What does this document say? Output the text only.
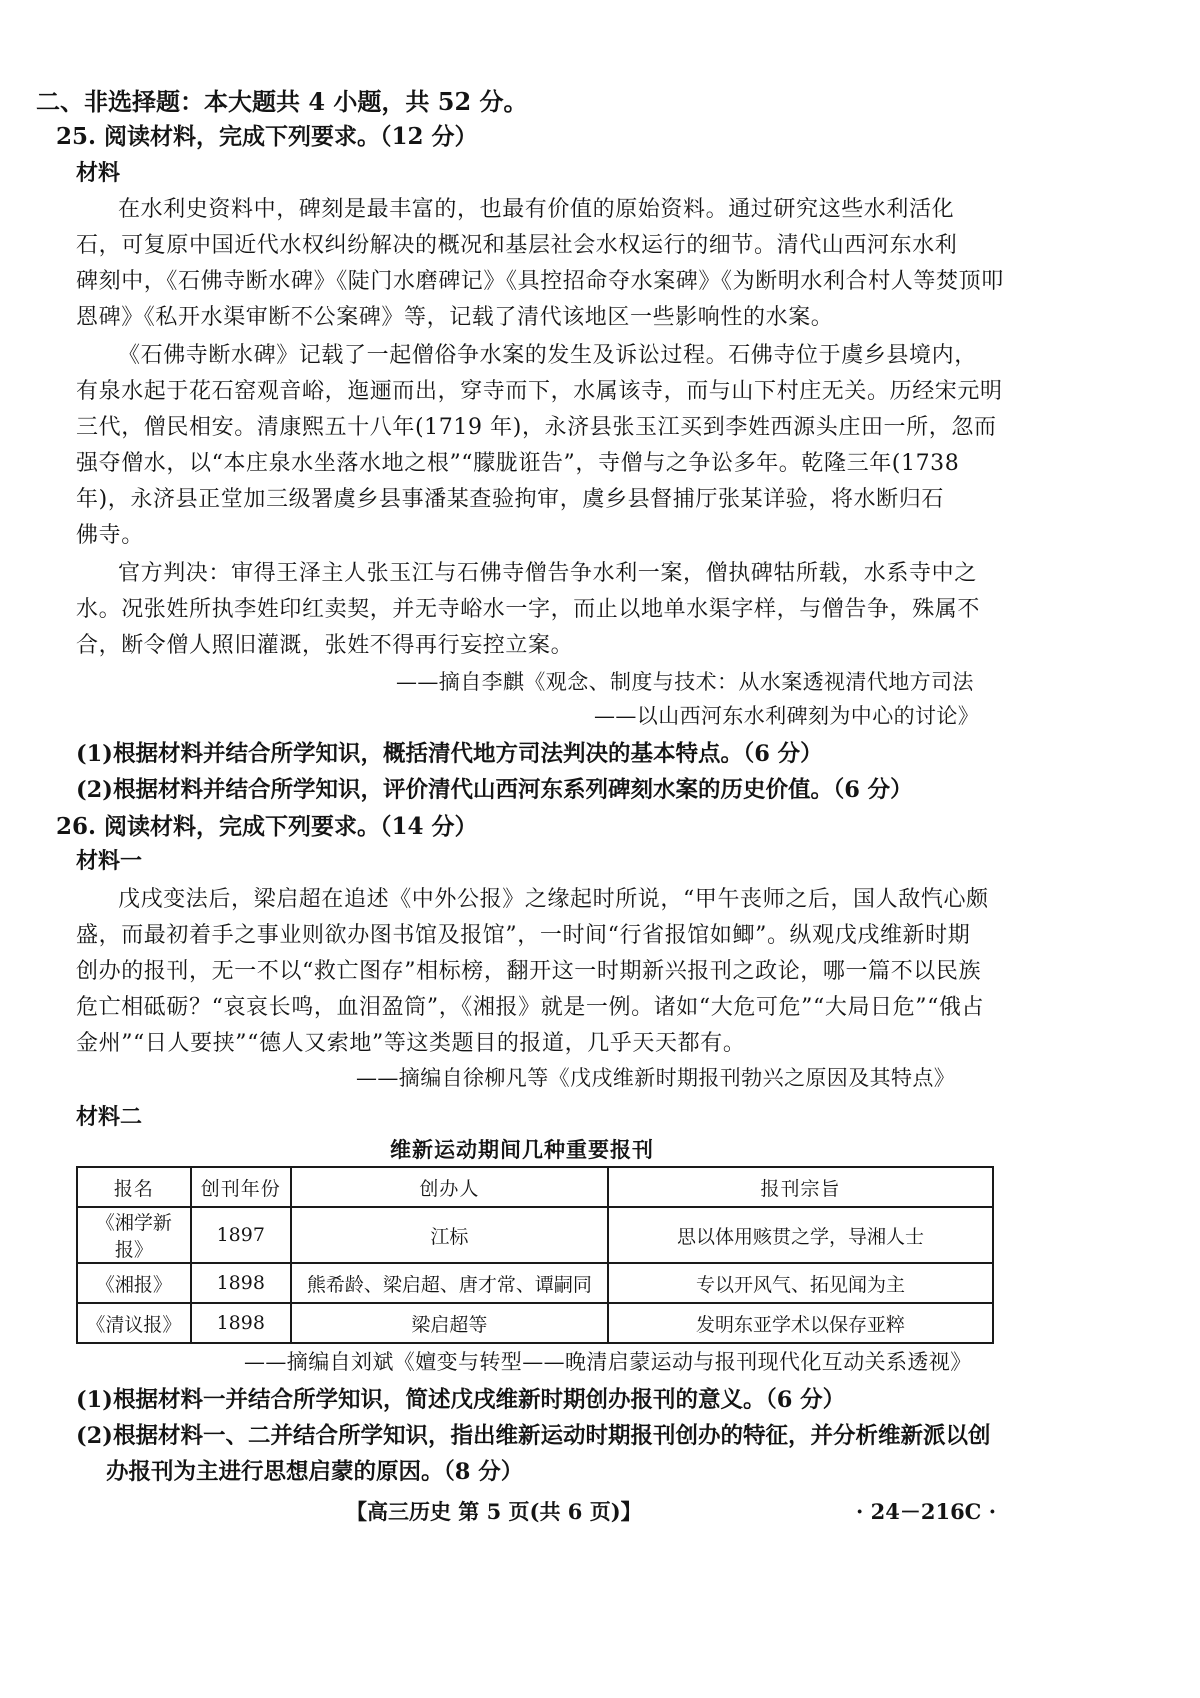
二、非选择题：本大题共 4 小题，共 52 分。
25. 阅读材料，完成下列要求。（12 分）
材料
在水利史资料中，碑刻是最丰富的，也最有价值的原始资料。通过研究这些水利活化
石，可复原中国近代水权纠纷解决的概况和基层社会水权运行的细节。清代山西河东水利
碑刻中，《石佛寺断水碑》《陡门水磨碑记》《具控招命夺水案碑》《为断明水利合村人等焚顶叩
恩碑》《私开水渠审断不公案碑》等，记载了清代该地区一些影响性的水案。
《石佛寺断水碑》记载了一起僧俗争水案的发生及诉讼过程。石佛寺位于虞乡县境内，
有泉水起于花石窑观音峪，迤逦而出，穿寺而下，水属该寺，而与山下村庄无关。历经宋元明
三代，僧民相安。清康熙五十八年(1719 年)，永济县张玉江买到李姓西源头庄田一所，忽而
强夺僧水，以“本庄泉水坐落水地之根”“朦胧诳告”，寺僧与之争讼多年。乾隆三年(1738
年)，永济县正堂加三级署虞乡县事潘某查验拘审，虞乡县督捕厅张某详验，将水断归石
佛寺。
官方判决：审得王泽主人张玉江与石佛寺僧告争水利一案，僧执碑牯所载，水系寺中之
水。况张姓所执李姓印红卖契，并无寺峪水一字，而止以地单水渠字样，与僧告争，殊属不
合，断令僧人照旧灌溉，张姓不得再行妄控立案。
——摘自李麒《观念、制度与技术：从水案透视清代地方司法
——以山西河东水利碑刻为中心的讨论》
(1)根据材料并结合所学知识，概括清代地方司法判决的基本特点。（6 分）
(2)根据材料并结合所学知识，评价清代山西河东系列碑刻水案的历史价值。（6 分）
26. 阅读材料，完成下列要求。（14 分）
材料一
戊戌变法后，梁启超在追述《中外公报》之缘起时所说，“甲午丧师之后，国人敌忾心颇
盛，而最初着手之事业则欲办图书馆及报馆”，一时间“行省报馆如鲫”。纵观戊戌维新时期
创办的报刊，无一不以“救亡图存”相标榜，翻开这一时期新兴报刊之政论，哪一篇不以民族
危亡相砥砺？“哀哀长鸣，血泪盈筒”，《湘报》就是一例。诸如“大危可危”“大局日危”“俄占
金州”“日人要挟”“德人又索地”等这类题目的报道，几乎天天都有。
——摘编自徐柳凡等《戊戌维新时期报刊勃兴之原因及其特点》
材料二
维新运动期间几种重要报刊
报名	创刊年份	创办人	报刊宗旨
《湘学新报》	1897	江标	思以体用赅贯之学，导湘人士
《湘报》	1898	熊希龄、梁启超、唐才常、谭嗣同	专以开风气、拓见闻为主
《清议报》	1898	梁启超等	发明东亚学术以保存亚粹
——摘编自刘斌《嬗变与转型——晚清启蒙运动与报刊现代化互动关系透视》
(1)根据材料一并结合所学知识，简述戊戌维新时期创办报刊的意义。（6 分）
(2)根据材料一、二并结合所学知识，指出维新运动时期报刊创办的特征，并分析维新派以创
办报刊为主进行思想启蒙的原因。（8 分）
【高三历史 第 5 页(共 6 页)】	· 24－216C ·
